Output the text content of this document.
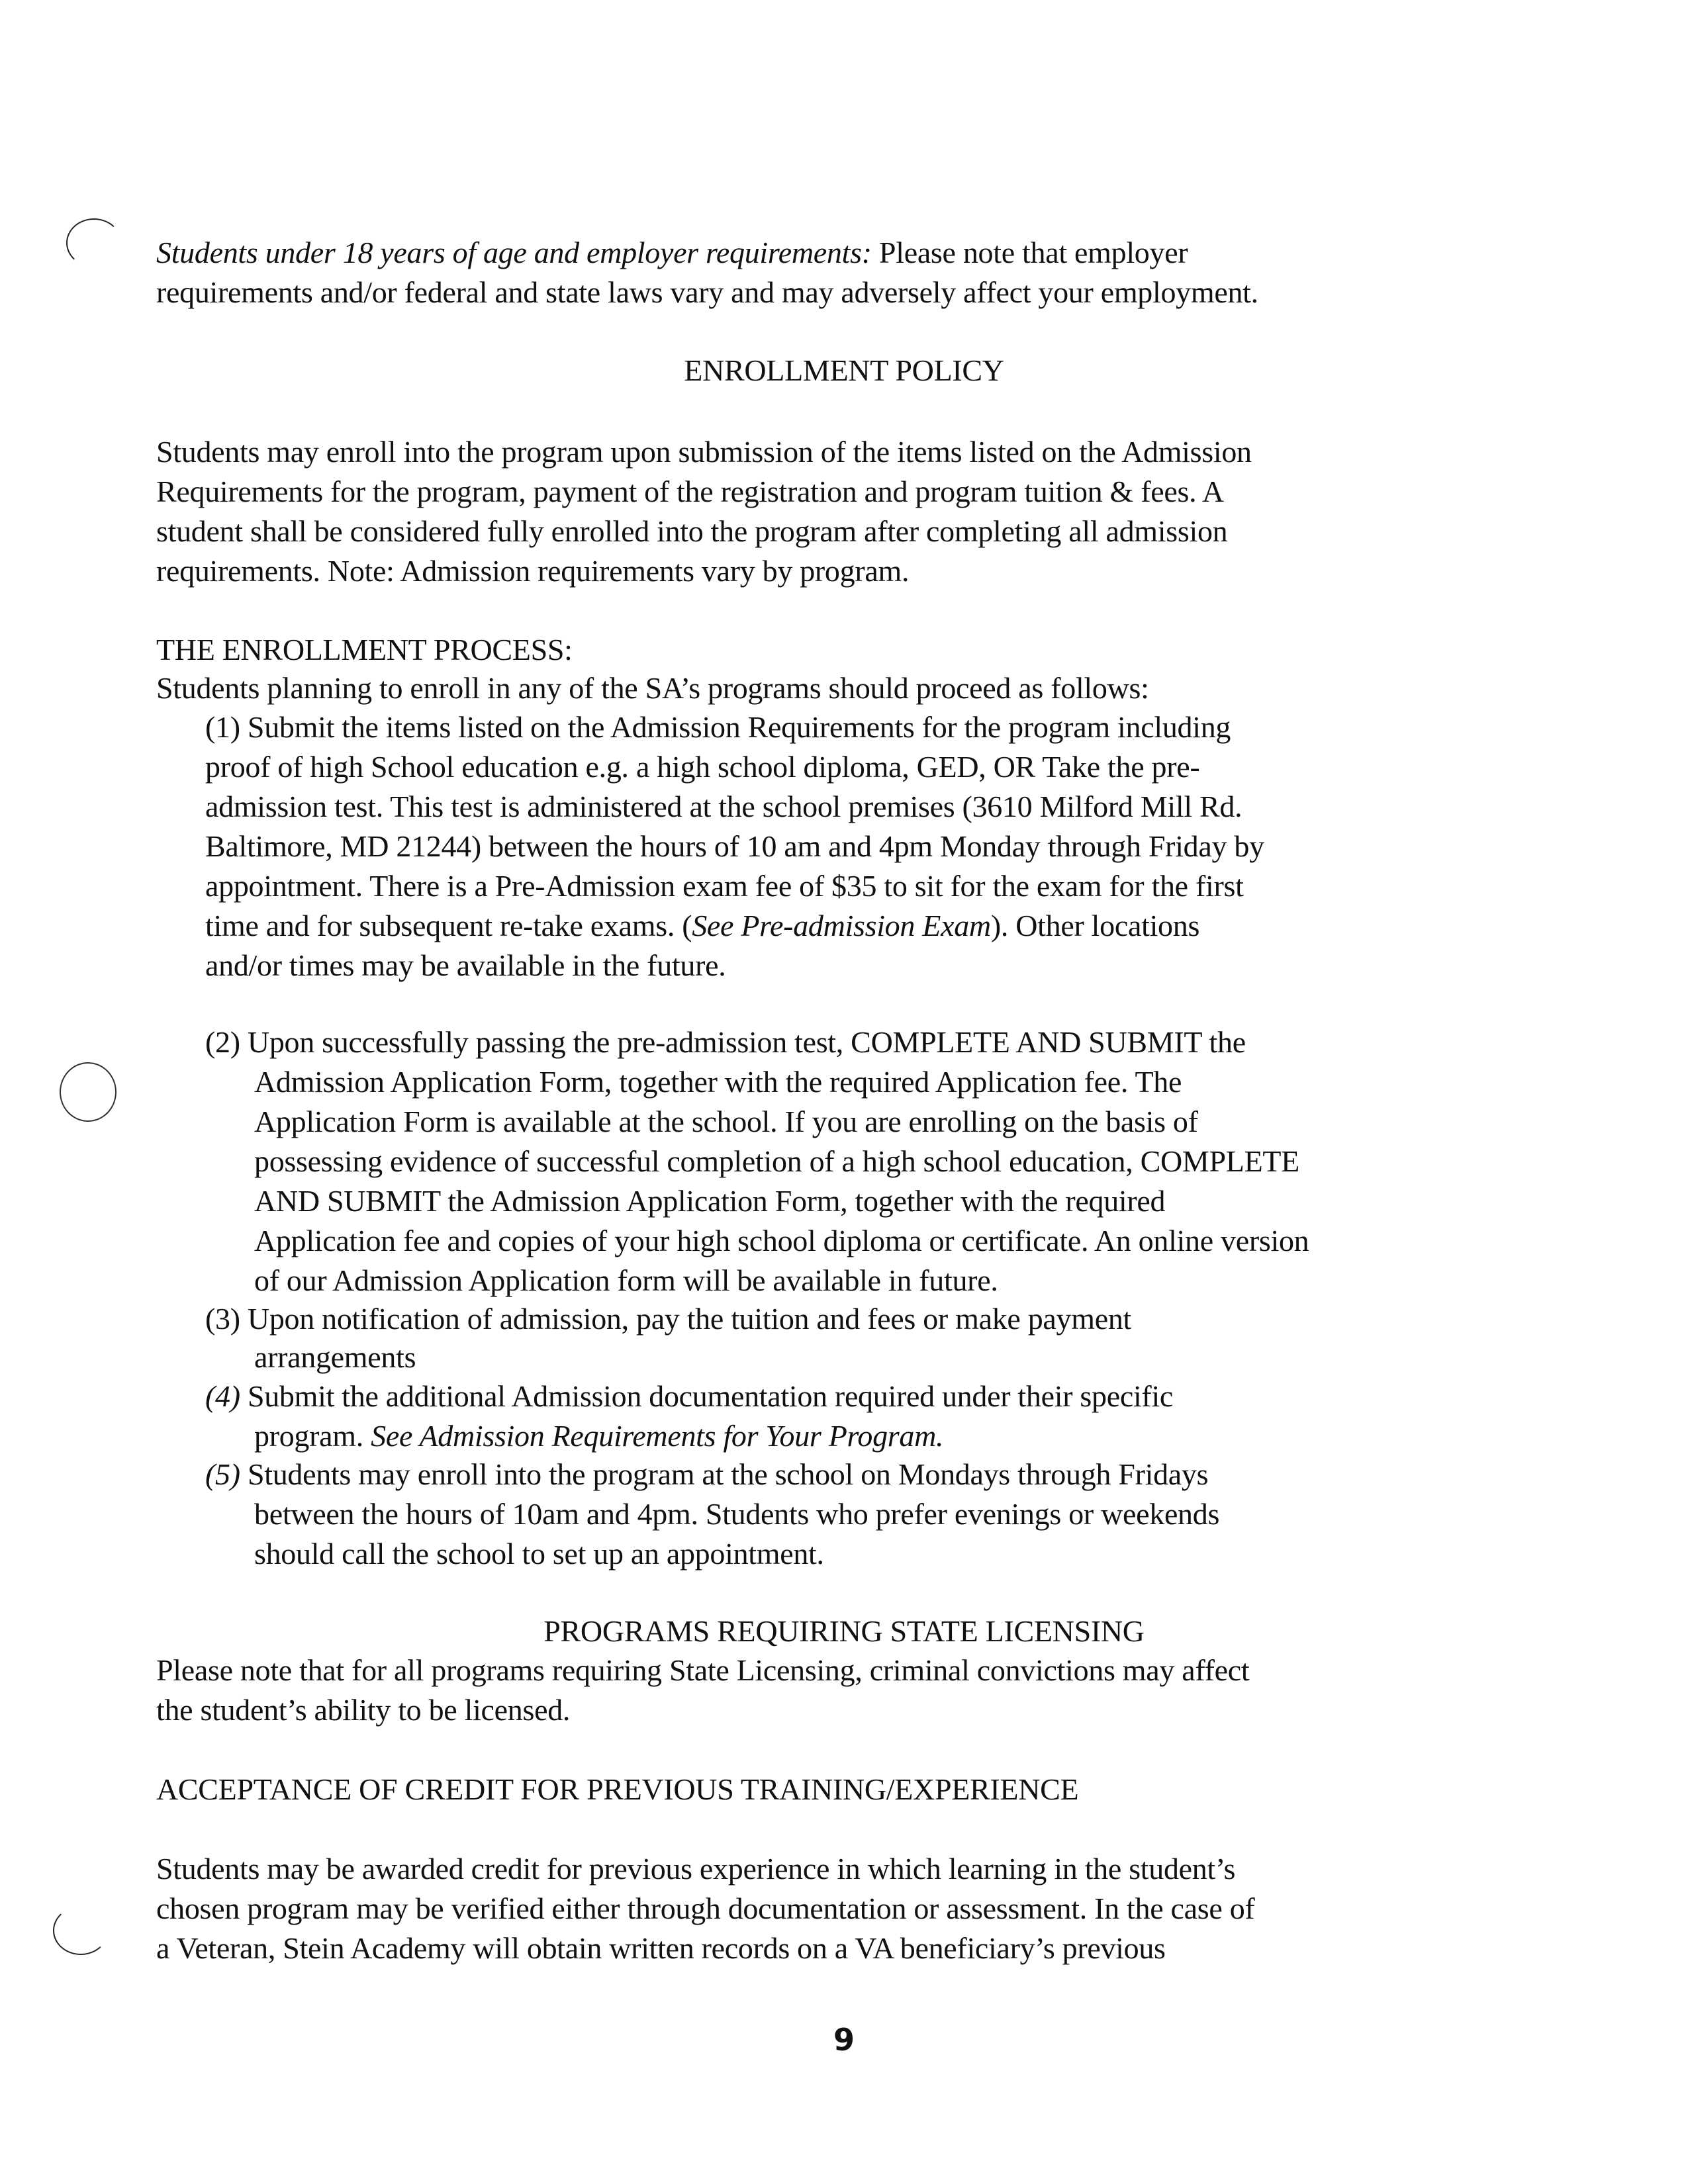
Students under 18 years of age and employer requirements: Please note that employer
requirements and/or federal and state laws vary and may adversely affect your employment.
ENROLLMENT POLICY
Students may enroll into the program upon submission of the items listed on the Admission
Requirements for the program, payment of the registration and program tuition & fees. A
student shall be considered fully enrolled into the program after completing all admission
requirements. Note: Admission requirements vary by program.
THE ENROLLMENT PROCESS:
Students planning to enroll in any of the SA’s programs should proceed as follows:
(1) Submit the items listed on the Admission Requirements for the program including
proof of high School education e.g. a high school diploma, GED, OR Take the pre-
admission test. This test is administered at the school premises (3610 Milford Mill Rd.
Baltimore, MD 21244) between the hours of 10 am and 4pm Monday through Friday by
appointment. There is a Pre-Admission exam fee of $35 to sit for the exam for the first
time and for subsequent re-take exams. (See Pre-admission Exam). Other locations
and/or times may be available in the future.
(2) Upon successfully passing the pre-admission test, COMPLETE AND SUBMIT the
Admission Application Form, together with the required Application fee. The
Application Form is available at the school. If you are enrolling on the basis of
possessing evidence of successful completion of a high school education, COMPLETE
AND SUBMIT the Admission Application Form, together with the required
Application fee and copies of your high school diploma or certificate. An online version
of our Admission Application form will be available in future.
(3) Upon notification of admission, pay the tuition and fees or make payment
arrangements
(4) Submit the additional Admission documentation required under their specific
program. See Admission Requirements for Your Program.
(5) Students may enroll into the program at the school on Mondays through Fridays
between the hours of 10am and 4pm. Students who prefer evenings or weekends
should call the school to set up an appointment.
PROGRAMS REQUIRING STATE LICENSING
Please note that for all programs requiring State Licensing, criminal convictions may affect
the student’s ability to be licensed.
ACCEPTANCE OF CREDIT FOR PREVIOUS TRAINING/EXPERIENCE
Students may be awarded credit for previous experience in which learning in the student’s
chosen program may be verified either through documentation or assessment. In the case of
a Veteran, Stein Academy will obtain written records on a VA beneficiary’s previous
9
